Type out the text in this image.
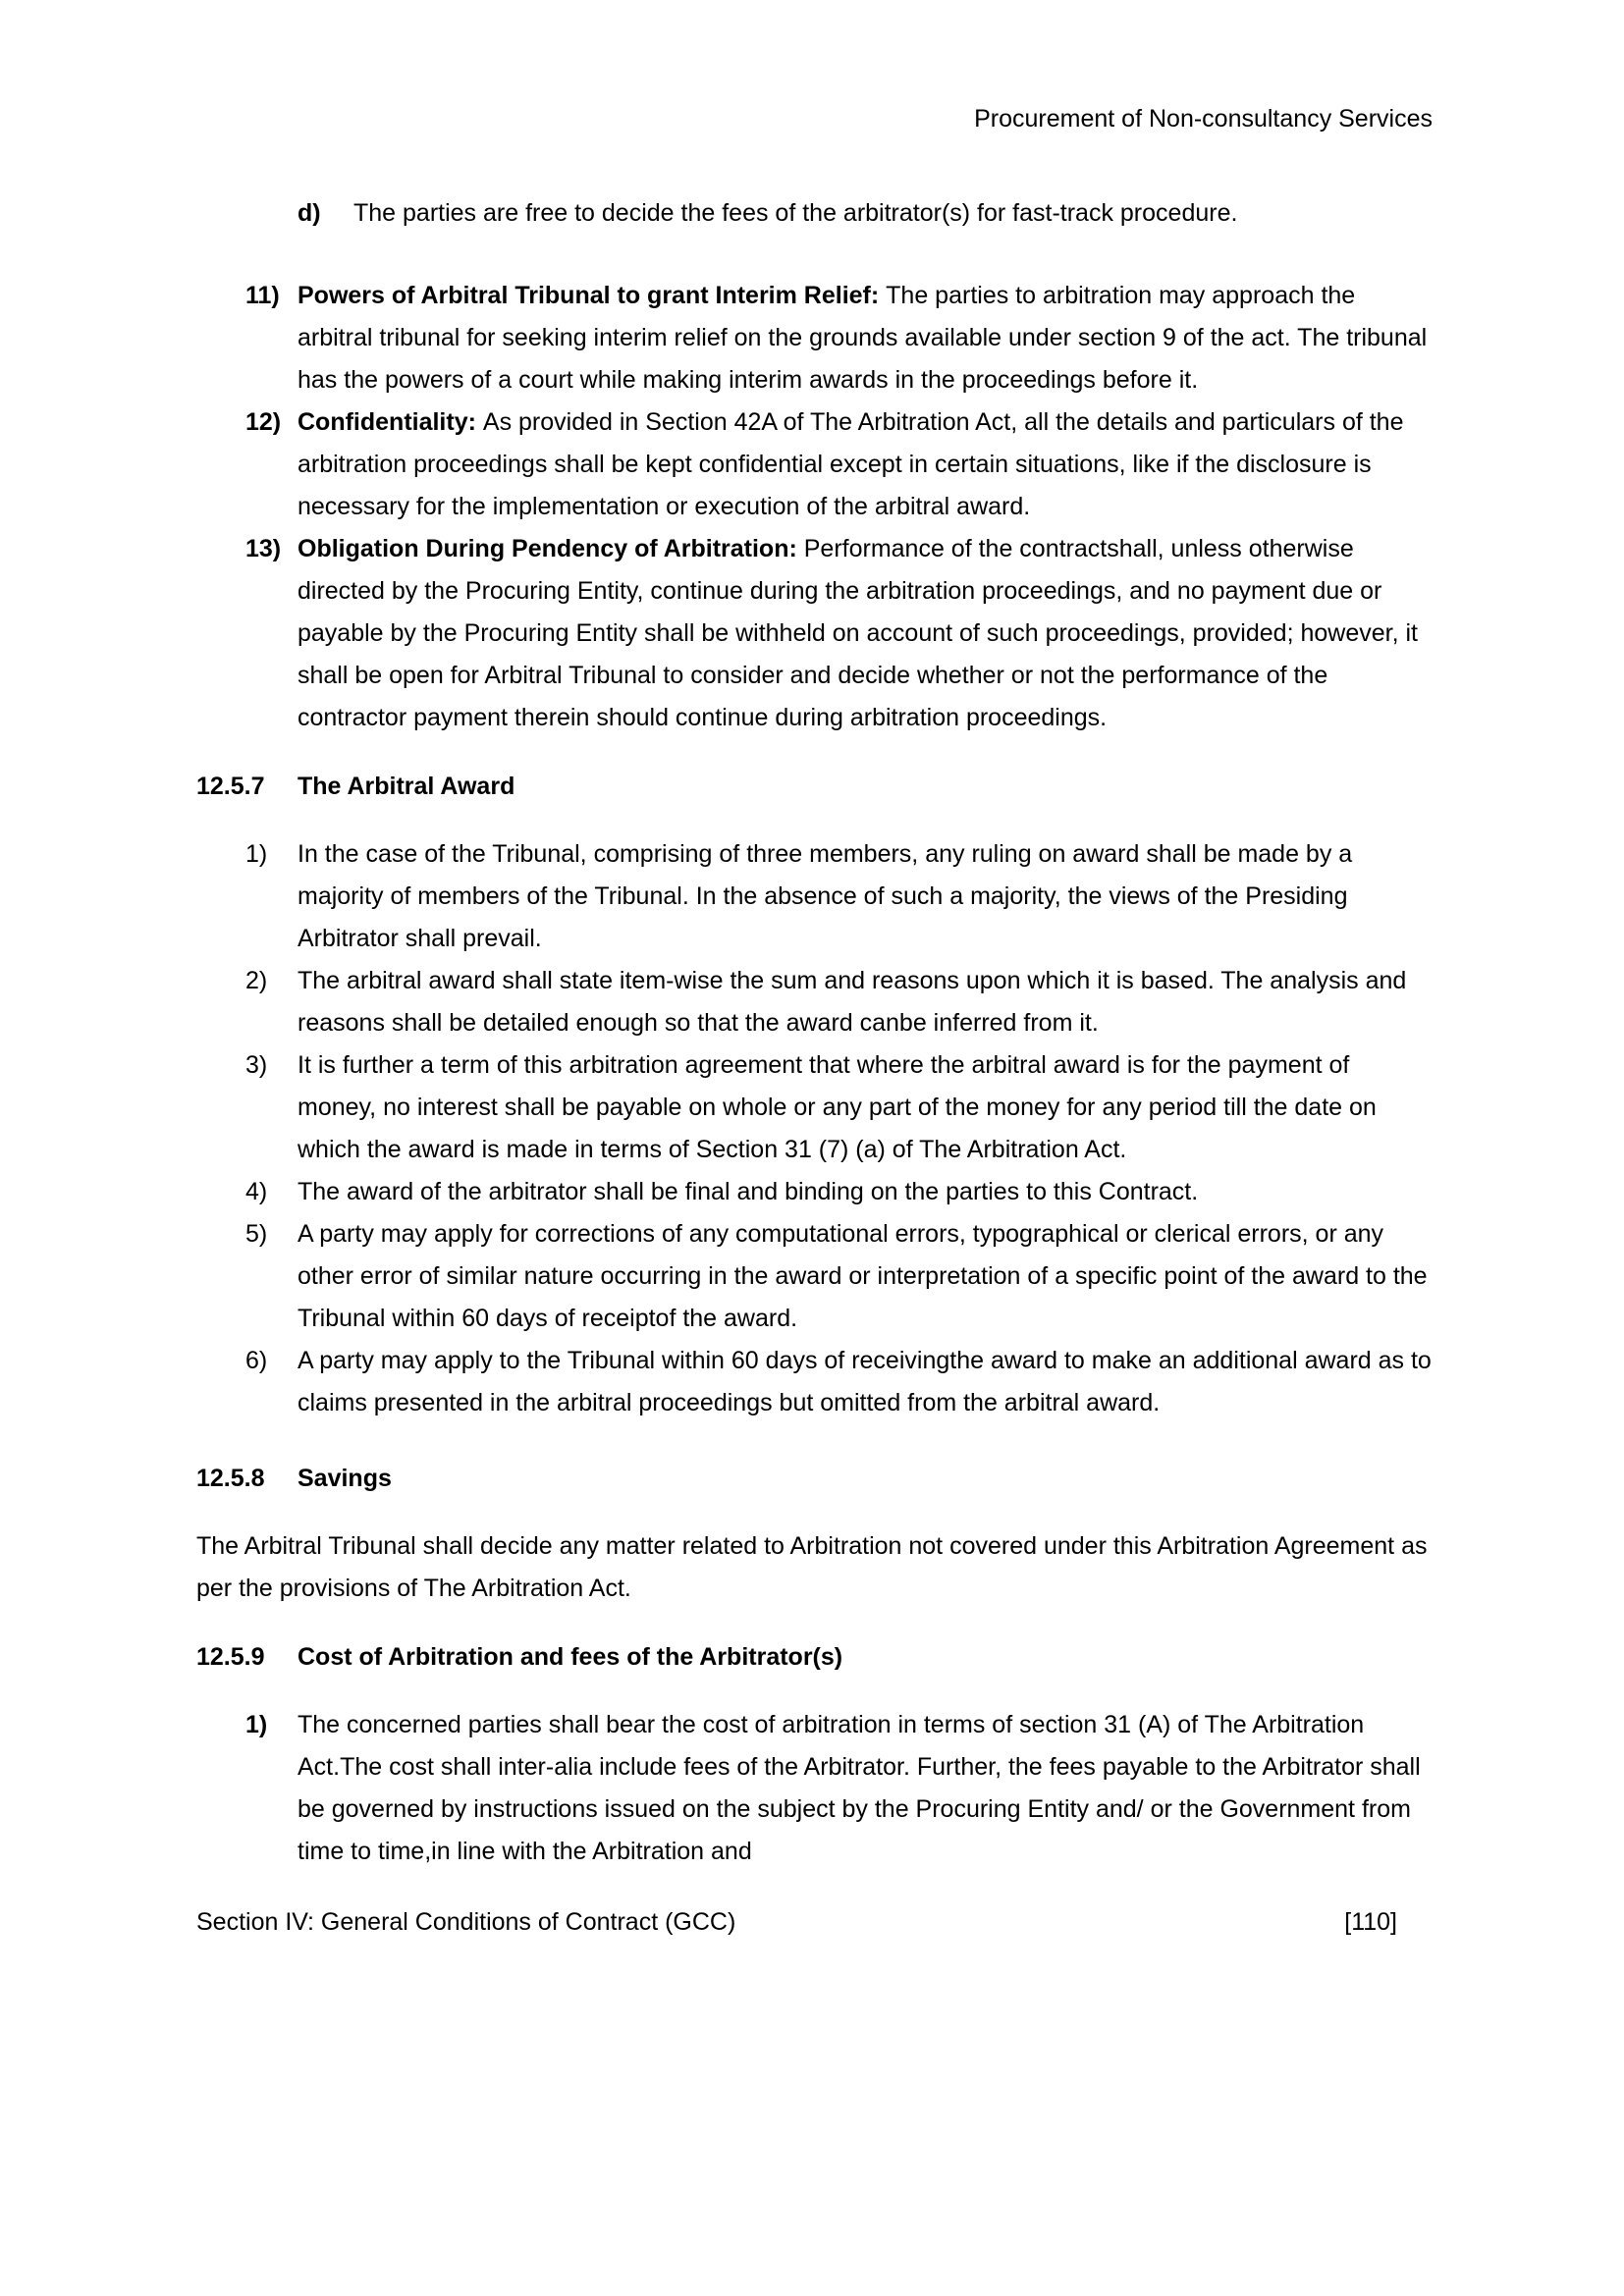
Procurement of Non-consultancy Services
d) The parties are free to decide the fees of the arbitrator(s) for fast-track procedure.
11) Powers of Arbitral Tribunal to grant Interim Relief: The parties to arbitration may approach the arbitral tribunal for seeking interim relief on the grounds available under section 9 of the act. The tribunal has the powers of a court while making interim awards in the proceedings before it.
12) Confidentiality: As provided in Section 42A of The Arbitration Act, all the details and particulars of the arbitration proceedings shall be kept confidential except in certain situations, like if the disclosure is necessary for the implementation or execution of the arbitral award.
13) Obligation During Pendency of Arbitration: Performance of the contractshall, unless otherwise directed by the Procuring Entity, continue during the arbitration proceedings, and no payment due or payable by the Procuring Entity shall be withheld on account of such proceedings, provided; however, it shall be open for Arbitral Tribunal to consider and decide whether or not the performance of the contractor payment therein should continue during arbitration proceedings.
12.5.7 The Arbitral Award
1) In the case of the Tribunal, comprising of three members, any ruling on award shall be made by a majority of members of the Tribunal. In the absence of such a majority, the views of the Presiding Arbitrator shall prevail.
2) The arbitral award shall state item-wise the sum and reasons upon which it is based. The analysis and reasons shall be detailed enough so that the award canbe inferred from it.
3) It is further a term of this arbitration agreement that where the arbitral award is for the payment of money, no interest shall be payable on whole or any part of the money for any period till the date on which the award is made in terms of Section 31 (7) (a) of The Arbitration Act.
4) The award of the arbitrator shall be final and binding on the parties to this Contract.
5) A party may apply for corrections of any computational errors, typographical or clerical errors, or any other error of similar nature occurring in the award or interpretation of a specific point of the award to the Tribunal within 60 days of receiptof the award.
6) A party may apply to the Tribunal within 60 days of receivingthe award to make an additional award as to claims presented in the arbitral proceedings but omitted from the arbitral award.
12.5.8 Savings
The Arbitral Tribunal shall decide any matter related to Arbitration not covered under this Arbitration Agreement as per the provisions of The Arbitration Act.
12.5.9 Cost of Arbitration and fees of the Arbitrator(s)
1) The concerned parties shall bear the cost of arbitration in terms of section 31 (A) of The Arbitration Act.The cost shall inter-alia include fees of the Arbitrator. Further, the fees payable to the Arbitrator shall be governed by instructions issued on the subject by the Procuring Entity and/ or the Government from time to time,in line with the Arbitration and
Section IV: General Conditions of Contract (GCC)	[110]
